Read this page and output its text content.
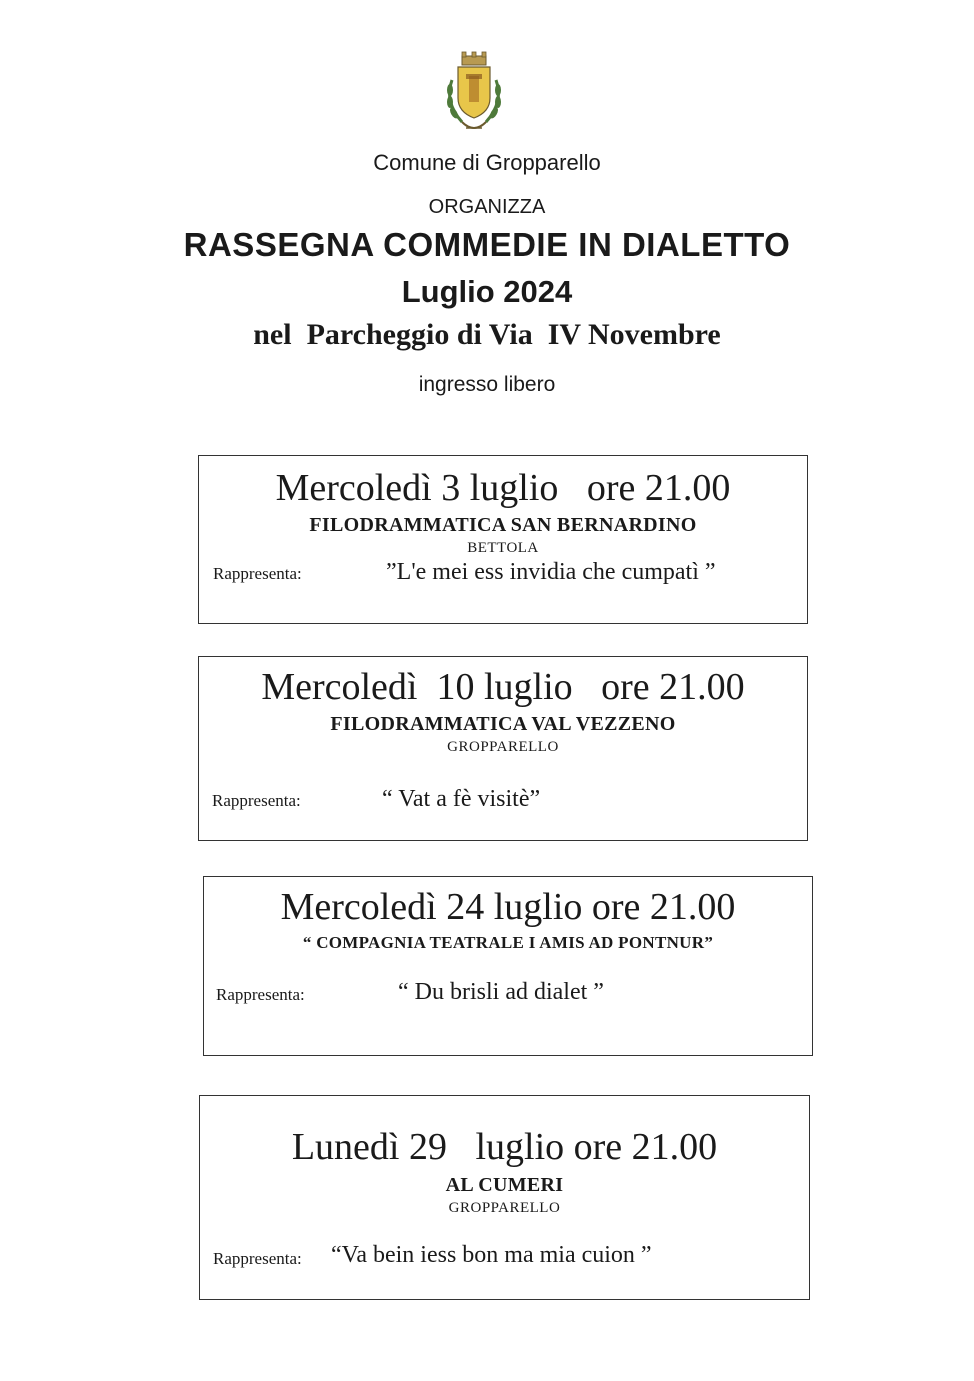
Comune di Gropparello
ORGANIZZA
RASSEGNA COMMEDIE IN DIALETTO
Luglio 2024
nel  Parcheggio di Via  IV Novembre
ingresso libero
Mercoledì 3 luglio   ore 21.00
FILODRAMMATICA SAN BERNARDINO
BETTOLA
Rappresenta:	”L'e mei ess invidia che cumpatì ”
Mercoledì  10 luglio   ore 21.00
FILODRAMMATICA VAL VEZZENO
GROPPARELLO
Rappresenta:	“ Vat a fè visitè”
Mercoledì 24 luglio ore 21.00
“ COMPAGNIA TEATRALE I AMIS AD PONTNUR”
Rappresenta:	“ Du brisli ad dialet ”
Lunedì 29   luglio ore 21.00
AL CUMERI
GROPPARELLO
Rappresenta: “Va bein iess bon ma mia cuion ”
